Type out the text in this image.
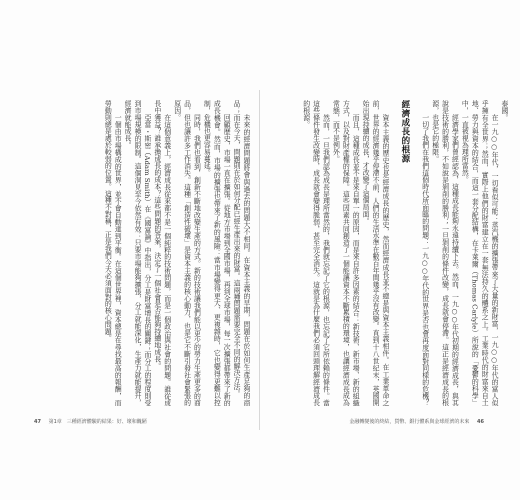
泰國。

在一九○○年代，一切看似可能：蒸汽機的擴張帶來了大量的新財富，一九○○年代的富人似乎擁有全世界；然而，實際上他們的財富建立在一套無法持久的體系之上。工業時代的財富來自土地、勞力與資本的結合，而這一套分配結構，在卡萊爾（Thomas Carlyle）所說的「憂鬱的科學」中，一直被視為理所當然。

經濟學家們曾經認為，這種成長能夠永遠持續下去。然而，一九○○年代初期的經濟成長，與其說是技術的勝利，不如說是剝削的勝利；一旦剝削的條件改變，成長就會停滯。這正是經濟成長的根源，也是它的極限。

一切了我們在我們這個時代所面臨的問題：一九○○年代的世界是否也會再度面對同樣的危機？

經濟成長的根源

資本主義的歷史也是經濟成長的歷史，然而經濟成長並不總是與資本主義相伴。在工業革命之前，世界的經濟幾乎停滯不前，人們的生活水準在數百年間幾乎沒有改變。直到十八世紀末，英國開始出現持續的成長，才改變了這個局面。

而且，這種成長並不是來自單一的原因，而是來自許多因素的結合：新技術、新市場、新的組織方式，以及對財產權的保障。這些因素共同創造了一個能讓資本不斷累積的環境，也讓經濟成長成為常態，而不是例外。

然而，一旦我們認為成長是理所當然的，我們就忘記了它的根源，也忘記了它所依賴的條件。當這些條件發生改變時，成長就會變得脆弱，甚至完全消失。這就是為什麼我們必須回頭理解經濟成長的根源。

未來的經濟問題將會與過去的問題大不相同。在資本主義的早期，問題在於如何生產足夠的商品；而在今天，問題則在於如何分配已經生產出來的財富。這兩種問題需要完全不同的解決方法。

回顧歷史，市場一直在擴張。從地方市場到全國市場，再到全球市場，每一次擴張都帶來了新的成長機會。然而，市場的擴張也帶來了新的風險：當市場變得更大、更複雜時，它也變得更難以控制，危機也更容易蔓延。

同時，我們也看到，創新不斷地改變生產的方式。新的技術讓我們能以更少的勞力生產更多的商品，但也讓許多工作消失。這種「創造性破壞」是資本主義的核心動力，也是它不斷引發社會緊張的原因。

在這個意義上，經濟成長從來都不是一個純粹的技術問題，而是一個政治與社會的問題。誰從成長中獲益？誰承擔成長的成本？這些問題的答案，決定了一個社會是否能夠持續地成長。

亞當・斯密（Adam Smith）在《國富論》中指出，分工是財富增長的關鍵；而分工的程度則受到市場規模的限制。這個洞見至今依然有效：只要市場能夠擴張，分工就能深化，生產力就能提升，經濟就能成長。

一個由市場構成的世界，並不會自動達到平衡。在這個世界裡，資本總是在尋找最高的報酬，而勞動則總是處於較弱的位置。這種不對稱，正是我們今天必須面對的核心問題。

47 第1章　三種經濟體驗的結果：好、壞和醜陋	金融轉變後的終結，貨幣、銀行體系與金球經濟的未來 46
